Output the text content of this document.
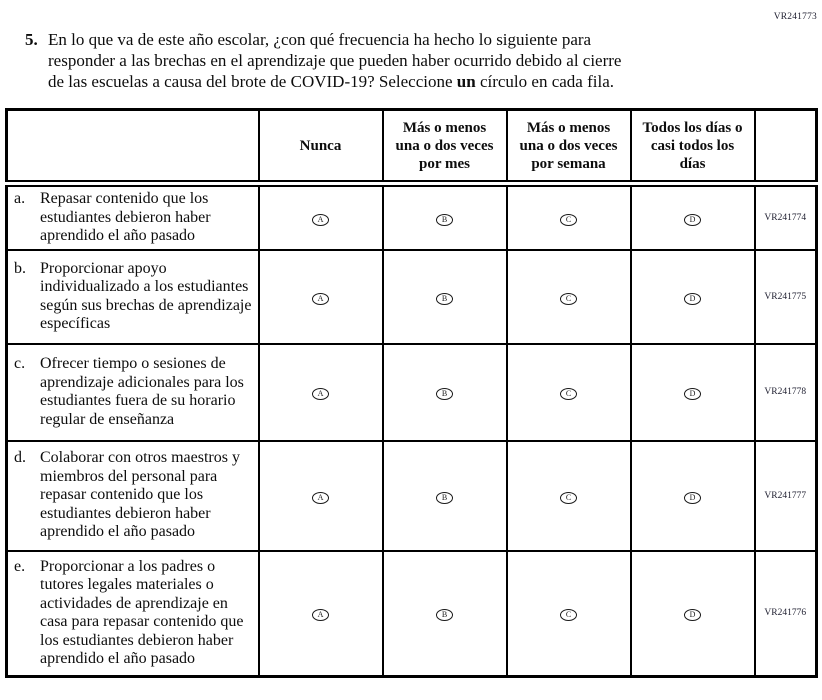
VR241773
5. En lo que va de este año escolar, ¿con qué frecuencia ha hecho lo siguiente para
responder a las brechas en el aprendizaje que pueden haber ocurrido debido al cierre
de las escuelas a causa del brote de COVID-19? Seleccione un círculo en cada fila.
	Nunca	Más o menos una o dos veces por mes	Más o menos una o dos veces por semana	Todos los días o casi todos los días	

a. Repasar contenido que los estudiantes debieron haber aprendido el año pasado	A	B	C	D	VR241774

b. Proporcionar apoyo individualizado a los estudiantes según sus brechas de aprendizaje específicas	A	B	C	D	VR241775

c. Ofrecer tiempo o sesiones de aprendizaje adicionales para los estudiantes fuera de su horario regular de enseñanza	A	B	C	D	VR241778

d. Colaborar con otros maestros y miembros del personal para repasar contenido que los estudiantes debieron haber aprendido el año pasado	A	B	C	D	VR241777

e. Proporcionar a los padres o tutores legales materiales o actividades de aprendizaje en casa para repasar contenido que los estudiantes debieron haber aprendido el año pasado	A	B	C	D	VR241776
